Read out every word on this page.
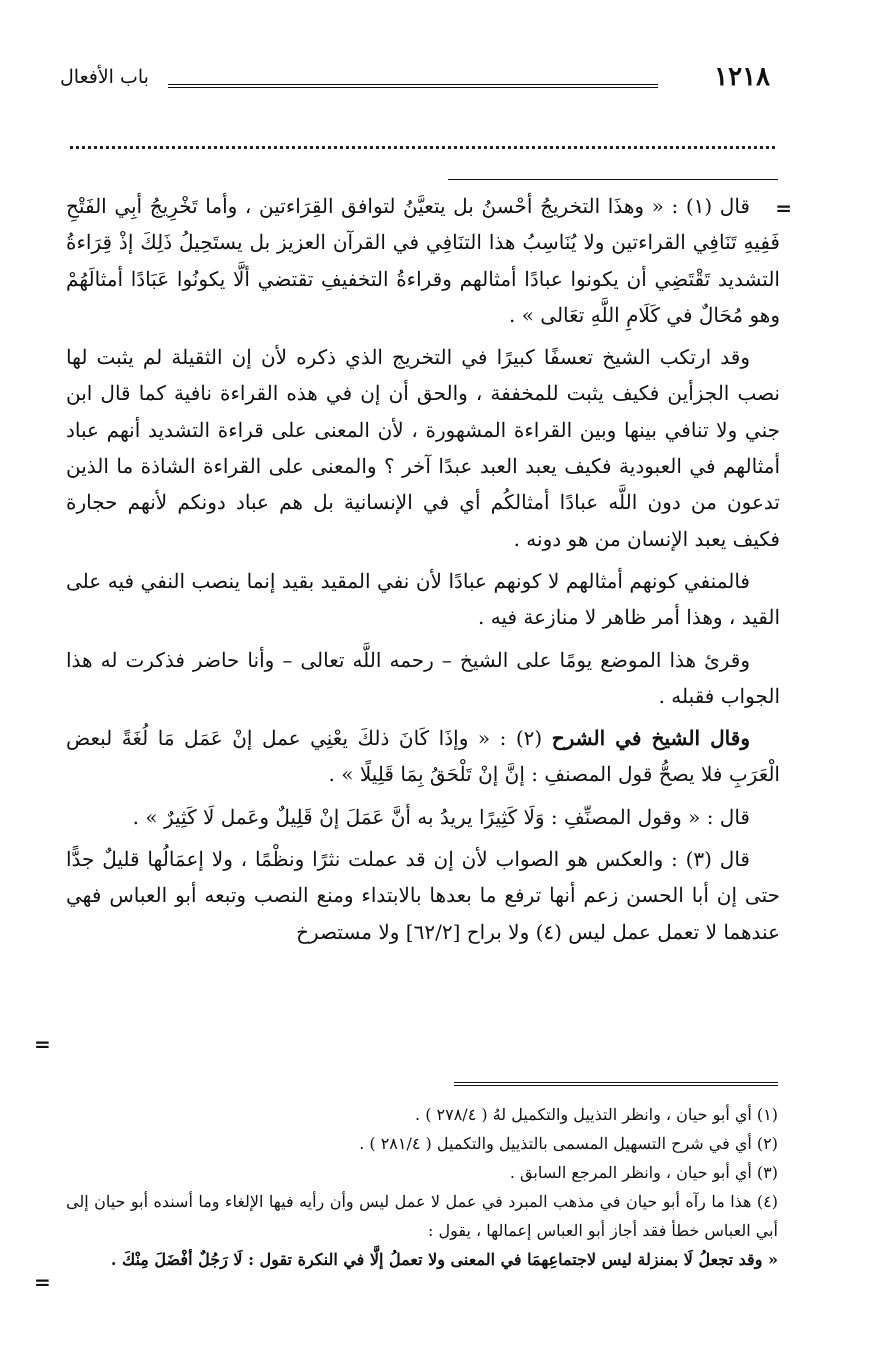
١٢١٨
باب الأفعال
=

قال (١) : « وهذَا التخريجُ أحْسنُ بل يتعيَّنُ لتوافق القِرَاءتين ، وأما تَخْرِيجُ أبِي الفَتْحِ فَفِيهِ تَنَافِي القراءتين ولا يُنَاسِبُ هذا التنَافِي في القرآن العزيز بل يستَحِيلُ ذَلِكَ إذْ قِرَاءةُ التشديد تَقْتَضِي أن يكونوا عبادًا أمثالهم وقراءةُ التخفيفِ تقتضي ألَّا يكونُوا عَبَادًا أمثالَهُمْ وهو مُحَالٌ في كَلَامِ اللَّهِ تعَالى » .

وقد ارتكب الشيخ تعسفًا كبيرًا في التخريج الذي ذكره لأن إن الثقيلة لم يثبت لها نصب الجزأين فكيف يثبت للمخففة ، والحق أن إن في هذه القراءة نافية كما قال ابن جني ولا تنافي بينها وبين القراءة المشهورة ، لأن المعنى على قراءة التشديد أنهم عباد أمثالهم في العبودية فكيف يعبد العبد عبدًا آخر ؟ والمعنى على القراءة الشاذة ما الذين تدعون من دون اللَّه عبادًا أمثالكُم أي في الإنسانية بل هم عباد دونكم لأنهم حجارة فكيف يعبد الإنسان من هو دونه .

فالمنفي كونهم أمثالهم لا كونهم عبادًا لأن نفي المقيد بقيد إنما ينصب النفي فيه على القيد ، وهذا أمر ظاهر لا منازعة فيه .

وقرئ هذا الموضع يومًا على الشيخ – رحمه اللَّه تعالى – وأنا حاضر فذكرت له هذا الجواب فقبله .

وقال الشيخ في الشرح (٢) : « وإذَا كَانَ ذلكَ يعْنِي عمل إنْ عَمَل مَا لُغَةً لبعض الْعَرَبِ فلا يصحُّ قول المصنفِ : إنَّ إنْ تَلْحَقُ بِمَا قَلِيلًا » .

قال : « وقول المصنِّفِ : وَلَا كَثِيرًا يريدُ به أنَّ عَمَلَ إنْ قَلِيلٌ وعَمل لَا كَثِيرٌ » .

قال (٣) : والعكس هو الصواب لأن إن قد عملت نثرًا ونظْمًا ، ولا إعمَالُها قليلٌ جدًّا حتى إن أبا الحسن زعم أنها ترفع ما بعدها بالابتداء ومنع النصب وتبعه أبو العباس فهي عندهما لا تعمل عمل ليس (٤) ولا براح [٦٢/٢] ولا مستصرخ

=

(١) أي أبو حيان ، وانظر التذييل والتكميل لهُ ( ٢٧٨/٤ ) .

(٢) أي في شرح التسهيل المسمى بالتذييل والتكميل ( ٢٨١/٤ ) .

(٣) أي أبو حيان ، وانظر المرجع السابق .

(٤) هذا ما رآه أبو حيان في مذهب المبرد في عمل لا عمل ليس وأن رأيه فيها الإلغاء وما أسنده أبو حيان إلى أبي العباس خطأ فقد أجاز أبو العباس إعمالها ، يقول :

« وقد تجعلُ لَا بمنزلة ليس لاجتماعِهمَا في المعنى ولا تعملُ إلَّا في النكرة تقول : لَا رَجُلٌ أفْضَلَ مِنْكَ .

=
